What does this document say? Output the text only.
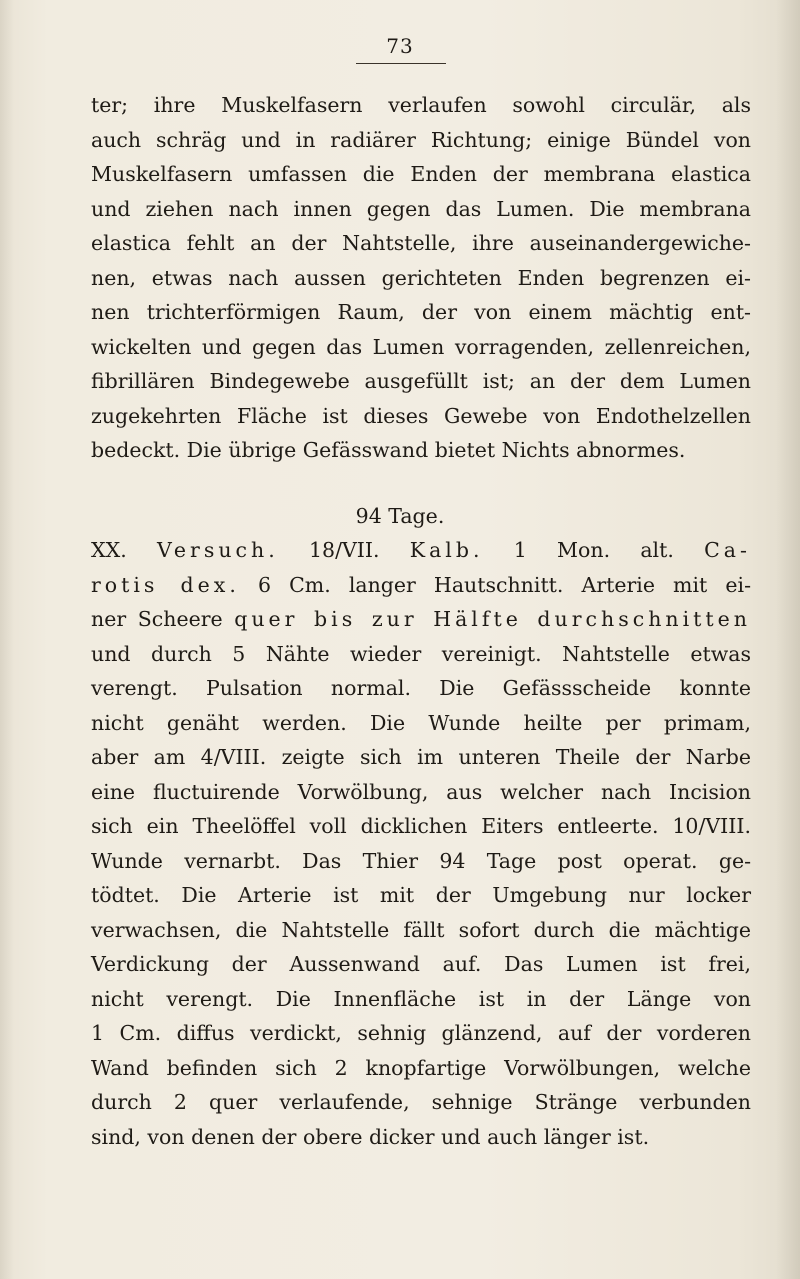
73
ter; ihre Muskelfasern verlaufen sowohl circulär, als
auch schräg und in radiärer Richtung; einige Bündel von
Muskelfasern umfassen die Enden der membrana elastica
und ziehen nach innen gegen das Lumen. Die membrana
elastica fehlt an der Nahtstelle, ihre auseinandergewiche-
nen, etwas nach aussen gerichteten Enden begrenzen ei-
nen trichterförmigen Raum, der von einem mächtig ent-
wickelten und gegen das Lumen vorragenden, zellenreichen,
fibrillären Bindegewebe ausgefüllt ist; an der dem Lumen
zugekehrten Fläche ist dieses Gewebe von Endothelzellen
bedeckt. Die übrige Gefässwand bietet Nichts abnormes.
94 Tage.
XX. Versuch. 18/VII. Kalb. 1 Mon. alt. Ca-
rotis dex. 6 Cm. langer Hautschnitt. Arterie mit ei-
ner Scheere quer bis zur Hälfte durchschnitten
und durch 5 Nähte wieder vereinigt. Nahtstelle etwas
verengt. Pulsation normal. Die Gefässscheide konnte
nicht genäht werden. Die Wunde heilte per primam,
aber am 4/VIII. zeigte sich im unteren Theile der Narbe
eine fluctuirende Vorwölbung, aus welcher nach Incision
sich ein Theelöffel voll dicklichen Eiters entleerte. 10/VIII.
Wunde vernarbt. Das Thier 94 Tage post operat. ge-
tödtet. Die Arterie ist mit der Umgebung nur locker
verwachsen, die Nahtstelle fällt sofort durch die mächtige
Verdickung der Aussenwand auf. Das Lumen ist frei,
nicht verengt. Die Innenfläche ist in der Länge von
1 Cm. diffus verdickt, sehnig glänzend, auf der vorderen
Wand befinden sich 2 knopfartige Vorwölbungen, welche
durch 2 quer verlaufende, sehnige Stränge verbunden
sind, von denen der obere dicker und auch länger ist.
